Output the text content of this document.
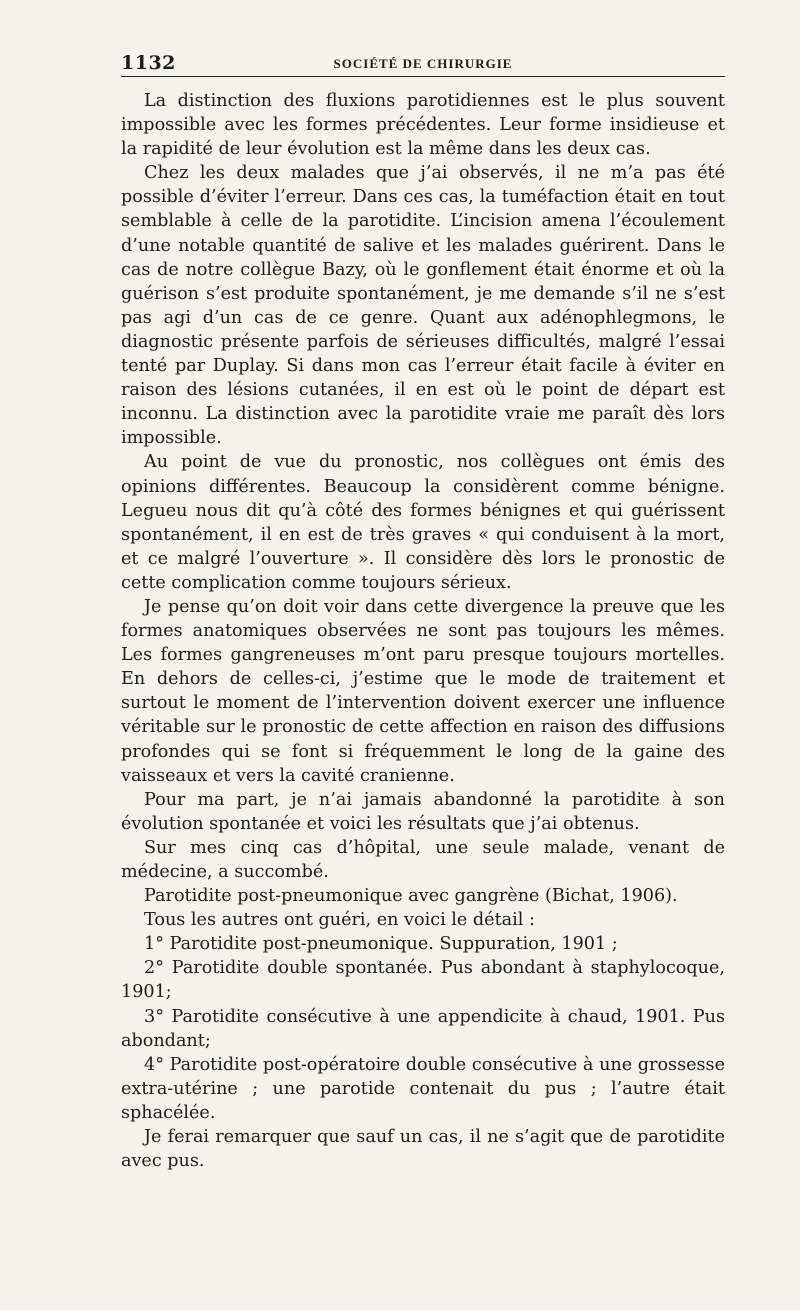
1132	SOCIÉTÉ DE CHIRURGIE

La distinction des fluxions parotidiennes est le plus souvent impossible avec les formes précédentes. Leur forme insidieuse et la rapidité de leur évolution est la même dans les deux cas.

Chez les deux malades que j’ai observés, il ne m’a pas été possible d’éviter l’erreur. Dans ces cas, la tuméfaction était en tout semblable à celle de la parotidite. L’incision amena l’écoulement d’une notable quantité de salive et les malades guérirent. Dans le cas de notre collègue Bazy, où le gonflement était énorme et où la guérison s’est produite spontanément, je me demande s’il ne s’est pas agi d’un cas de ce genre. Quant aux adénophlegmons, le diagnostic présente parfois de sérieuses difficultés, malgré l’essai tenté par Duplay. Si dans mon cas l’erreur était facile à éviter en raison des lésions cutanées, il en est où le point de départ est inconnu. La distinction avec la parotidite vraie me paraît dès lors impossible.

Au point de vue du pronostic, nos collègues ont émis des opinions différentes. Beaucoup la considèrent comme bénigne. Legueu nous dit qu’à côté des formes bénignes et qui guérissent spontanément, il en est de très graves « qui conduisent à la mort, et ce malgré l’ouverture ». Il considère dès lors le pronostic de cette complication comme toujours sérieux.

Je pense qu’on doit voir dans cette divergence la preuve que les formes anatomiques observées ne sont pas toujours les mêmes. Les formes gangreneuses m’ont paru presque toujours mortelles. En dehors de celles-ci, j’estime que le mode de traitement et surtout le moment de l’intervention doivent exercer une influence véritable sur le pronostic de cette affection en raison des diffusions profondes qui se font si fréquemment le long de la gaine des vaisseaux et vers la cavité cranienne.

Pour ma part, je n’ai jamais abandonné la parotidite à son évolution spontanée et voici les résultats que j’ai obtenus.

Sur mes cinq cas d’hôpital, une seule malade, venant de médecine, a succombé.

Parotidite post-pneumonique avec gangrène (Bichat, 1906).

Tous les autres ont guéri, en voici le détail :

1° Parotidite post-pneumonique. Suppuration, 1901 ;

2° Parotidite double spontanée. Pus abondant à staphylocoque, 1901;

3° Parotidite consécutive à une appendicite à chaud, 1901. Pus abondant;

4° Parotidite post-opératoire double consécutive à une grossesse extra-utérine ; une parotide contenait du pus ; l’autre était sphacélée.

Je ferai remarquer que sauf un cas, il ne s’agit que de parotidite avec pus.
